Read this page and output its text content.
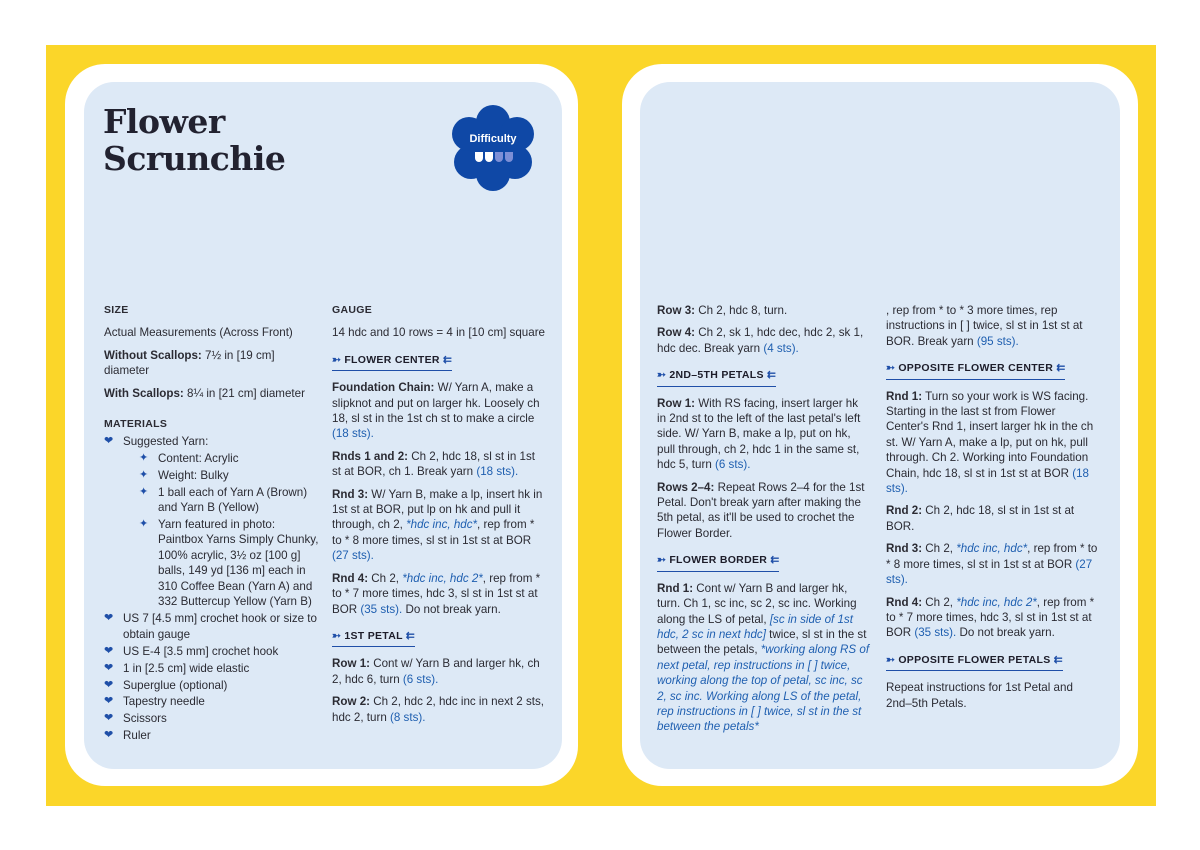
Flower
Scrunchie	Difficulty

SIZE

Actual Measurements (Across Front)

Without Scallops: 7½ in [19 cm] diameter

With Scallops: 8¼ in [21 cm] diameter

MATERIALS

❤ Suggested Yarn:
✦ Content: Acrylic
✦ Weight: Bulky
✦ 1 ball each of Yarn A (Brown) and Yarn B (Yellow)
✦ Yarn featured in photo: Paintbox Yarns Simply Chunky, 100% acrylic, 3½ oz [100 g] balls, 149 yd [136 m] each in 310 Coffee Bean (Yarn A) and 332 Buttercup Yellow (Yarn B)
❤ US 7 [4.5 mm] crochet hook or size to obtain gauge
❤ US E-4 [3.5 mm] crochet hook
❤ 1 in [2.5 cm] wide elastic
❤ Superglue (optional)
❤ Tapestry needle
❤ Scissors
❤ Ruler

GAUGE

14 hdc and 10 rows = 4 in [10 cm] square

➳ FLOWER CENTER ⇇

Foundation Chain: W/ Yarn A, make a slipknot and put on larger hk. Loosely ch 18, sl st in the 1st ch st to make a circle (18 sts).

Rnds 1 and 2: Ch 2, hdc 18, sl st in 1st st at BOR, ch 1. Break yarn (18 sts).

Rnd 3: W/ Yarn B, make a lp, insert hk in 1st st at BOR, put lp on hk and pull it through, ch 2, *hdc inc, hdc*, rep from * to * 8 more times, sl st in 1st st at BOR (27 sts).

Rnd 4: Ch 2, *hdc inc, hdc 2*, rep from * to * 7 more times, hdc 3, sl st in 1st st at BOR (35 sts). Do not break yarn.

➳ 1ST PETAL ⇇

Row 1: Cont w/ Yarn B and larger hk, ch 2, hdc 6, turn (6 sts).

Row 2: Ch 2, hdc 2, hdc inc in next 2 sts, hdc 2, turn (8 sts).

Row 3: Ch 2, hdc 8, turn.

Row 4: Ch 2, sk 1, hdc dec, hdc 2, sk 1, hdc dec. Break yarn (4 sts).

➳ 2ND–5TH PETALS ⇇

Row 1: With RS facing, insert larger hk in 2nd st to the left of the last petal's left side. W/ Yarn B, make a lp, put on hk, pull through, ch 2, hdc 1 in the same st, hdc 5, turn (6 sts).

Rows 2–4: Repeat Rows 2–4 for the 1st Petal. Don't break yarn after making the 5th petal, as it'll be used to crochet the Flower Border.

➳ FLOWER BORDER ⇇

Rnd 1: Cont w/ Yarn B and larger hk, turn. Ch 1, sc inc, sc 2, sc inc. Working along the LS of petal, [sc in side of 1st hdc, 2 sc in next hdc] twice, sl st in the st between the petals, *working along RS of next petal, rep instructions in [ ] twice, working along the top of petal, sc inc, sc 2, sc inc. Working along LS of the petal, rep instructions in [ ] twice, sl st in the st between the petals*

, rep from * to * 3 more times, rep instructions in [ ] twice, sl st in 1st st at BOR. Break yarn (95 sts).

➳ OPPOSITE FLOWER CENTER ⇇

Rnd 1: Turn so your work is WS facing. Starting in the last st from Flower Center's Rnd 1, insert larger hk in the ch st. W/ Yarn A, make a lp, put on hk, pull through. Ch 2. Working into Foundation Chain, hdc 18, sl st in 1st st at BOR (18 sts).

Rnd 2: Ch 2, hdc 18, sl st in 1st st at BOR.

Rnd 3: Ch 2, *hdc inc, hdc*, rep from * to * 8 more times, sl st in 1st st at BOR (27 sts).

Rnd 4: Ch 2, *hdc inc, hdc 2*, rep from * to * 7 more times, hdc 3, sl st in 1st st at BOR (35 sts). Do not break yarn.

➳ OPPOSITE FLOWER PETALS ⇇

Repeat instructions for 1st Petal and 2nd–5th Petals.
